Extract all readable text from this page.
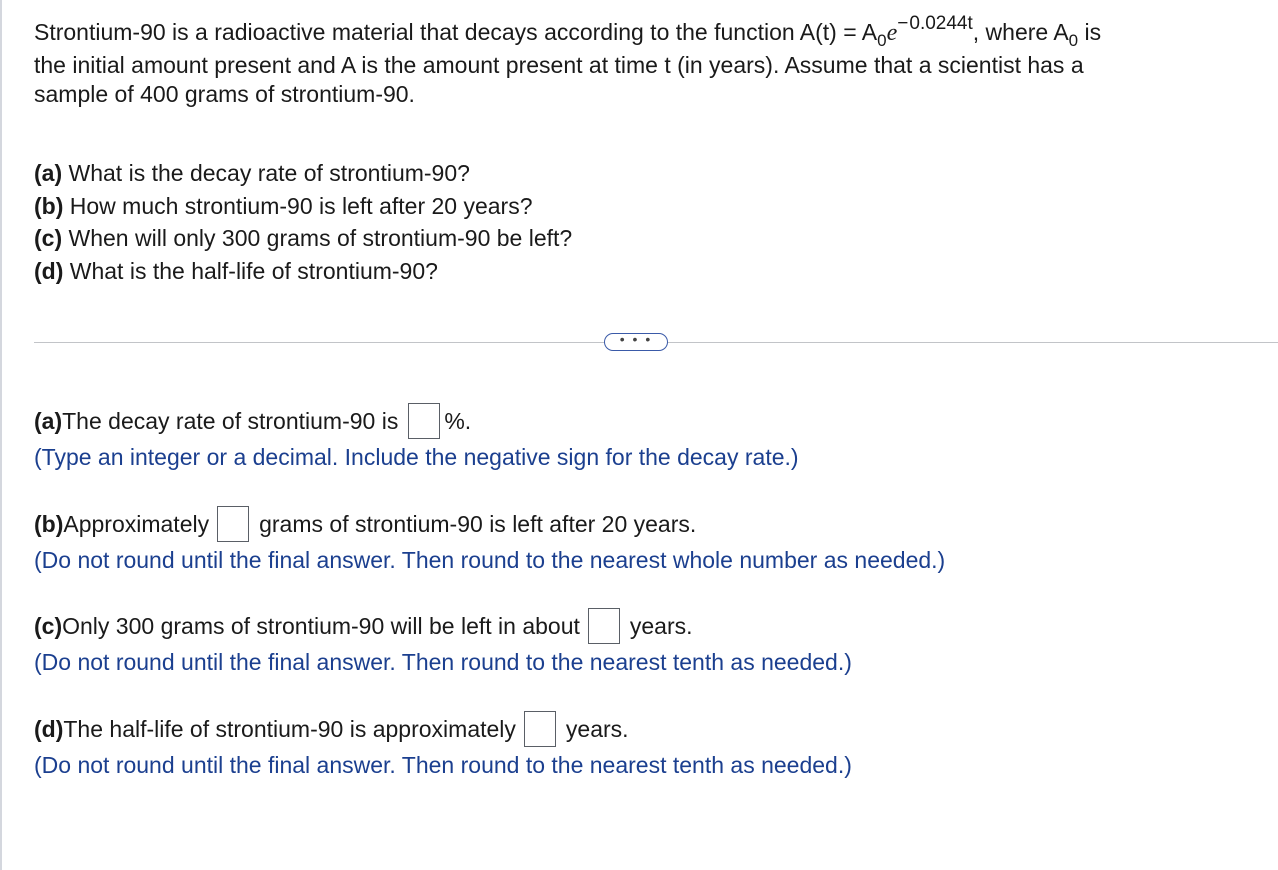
Strontium-90 is a radioactive material that decays according to the function $A(t) = A_0e^{-0.0244t}$, where $A_0$ is
the initial amount present and A is the amount present at time t (in years). Assume that a scientist has a
sample of 400 grams of strontium-90.
(a) What is the decay rate of strontium-90?
(b) How much strontium-90 is left after 20 years?
(c) When will only 300 grams of strontium-90 be left?
(d) What is the half-life of strontium-90?
• • •
(a) The decay rate of strontium-90 is %.
(Type an integer or a decimal. Include the negative sign for the decay rate.)
(b) Approximately grams of strontium-90 is left after 20 years.
(Do not round until the final answer. Then round to the nearest whole number as needed.)
(c) Only 300 grams of strontium-90 will be left in about years.
(Do not round until the final answer. Then round to the nearest tenth as needed.)
(d) The half-life of strontium-90 is approximately years.
(Do not round until the final answer. Then round to the nearest tenth as needed.)
